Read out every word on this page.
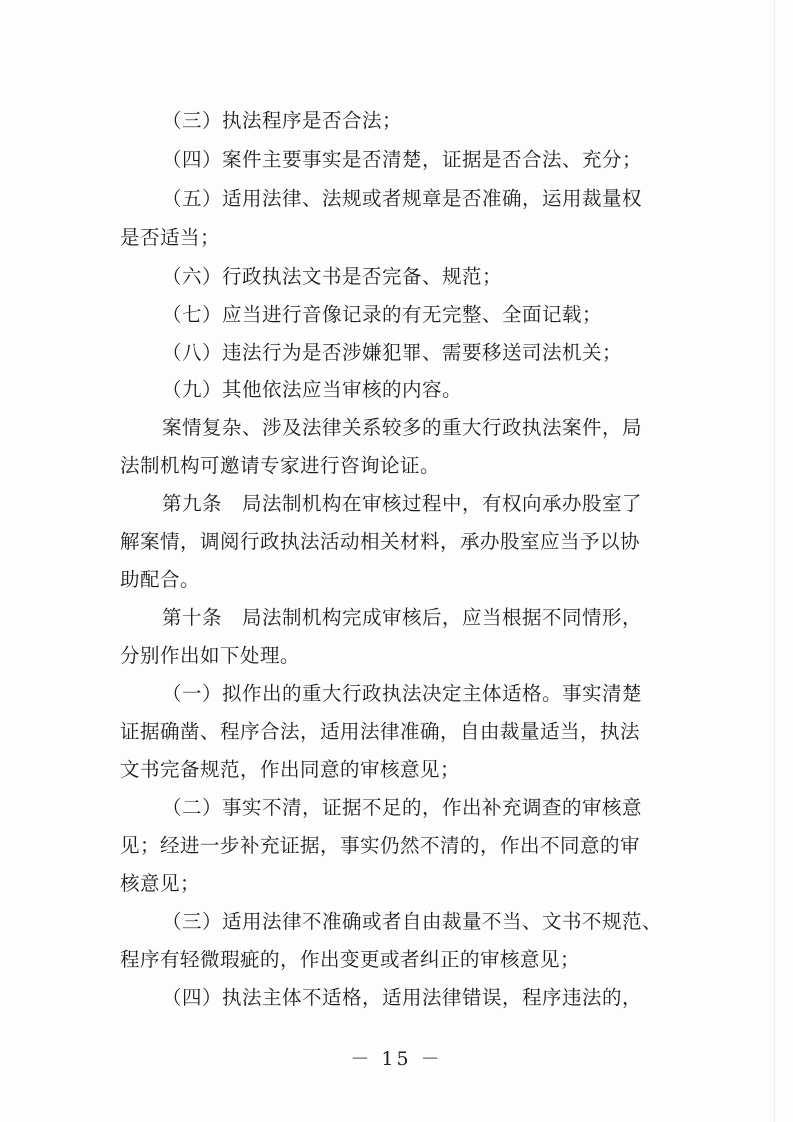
（三）执法程序是否合法；
（四）案件主要事实是否清楚，证据是否合法、充分；
（五）适用法律、法规或者规章是否准确，运用裁量权
是否适当；
（六）行政执法文书是否完备、规范；
（七）应当进行音像记录的有无完整、全面记载；
（八）违法行为是否涉嫌犯罪、需要移送司法机关；
（九）其他依法应当审核的内容。
案情复杂、涉及法律关系较多的重大行政执法案件，局
法制机构可邀请专家进行咨询论证。
第九条　局法制机构在审核过程中，有权向承办股室了
解案情，调阅行政执法活动相关材料，承办股室应当予以协
助配合。
第十条　局法制机构完成审核后，应当根据不同情形，
分别作出如下处理。
（一）拟作出的重大行政执法决定主体适格。事实清楚
证据确凿、程序合法，适用法律准确，自由裁量适当，执法
文书完备规范，作出同意的审核意见；
（二）事实不清，证据不足的，作出补充调查的审核意
见；经进一步补充证据，事实仍然不清的，作出不同意的审
核意见；
（三）适用法律不准确或者自由裁量不当、文书不规范、
程序有轻微瑕疵的，作出变更或者纠正的审核意见；
（四）执法主体不适格，适用法律错误，程序违法的，
－ 15 －
